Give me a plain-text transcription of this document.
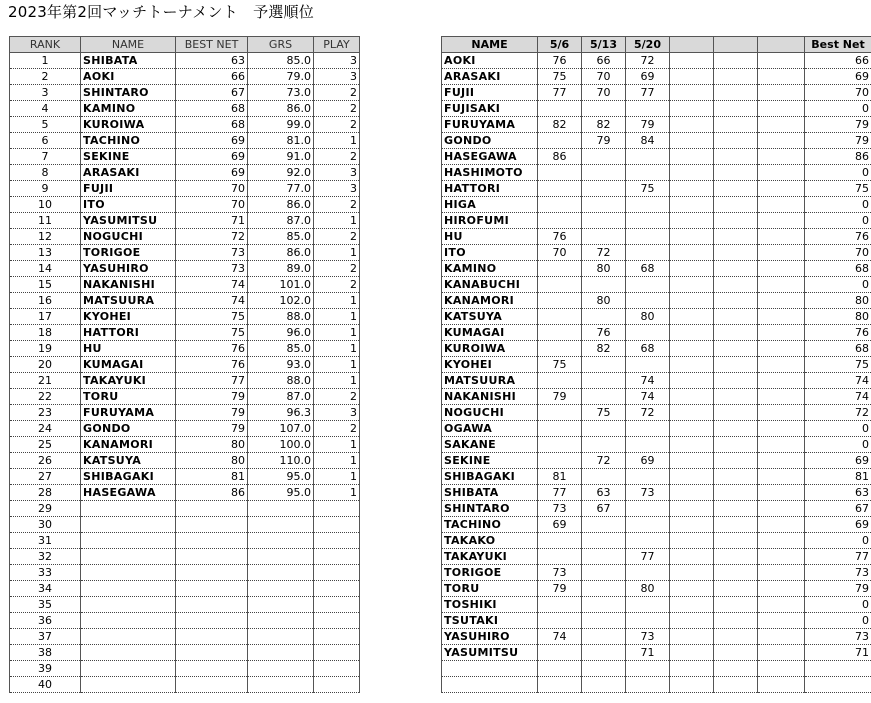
2023年第2回マッチトーナメント　予選順位
RANK	NAME	BEST NET	GRS	PLAY
1	SHIBATA	63	85.0	3
2	AOKI	66	79.0	3
3	SHINTARO	67	73.0	2
4	KAMINO	68	86.0	2
5	KUROIWA	68	99.0	2
6	TACHINO	69	81.0	1
7	SEKINE	69	91.0	2
8	ARASAKI	69	92.0	3
9	FUJII	70	77.0	3
10	ITO	70	86.0	2
11	YASUMITSU	71	87.0	1
12	NOGUCHI	72	85.0	2
13	TORIGOE	73	86.0	1
14	YASUHIRO	73	89.0	2
15	NAKANISHI	74	101.0	2
16	MATSUURA	74	102.0	1
17	KYOHEI	75	88.0	1
18	HATTORI	75	96.0	1
19	HU	76	85.0	1
20	KUMAGAI	76	93.0	1
21	TAKAYUKI	77	88.0	1
22	TORU	79	87.0	2
23	FURUYAMA	79	96.3	3
24	GONDO	79	107.0	2
25	KANAMORI	80	100.0	1
26	KATSUYA	80	110.0	1
27	SHIBAGAKI	81	95.0	1
28	HASEGAWA	86	95.0	1
29				
30				
31				
32				
33				
34				
35				
36				
37				
38				
39				
40				
NAME	5/6	5/13	5/20				Best Net
AOKI	76	66	72				66
ARASAKI	75	70	69				69
FUJII	77	70	77				70
FUJISAKI							0
FURUYAMA	82	82	79				79
GONDO		79	84				79
HASEGAWA	86						86
HASHIMOTO							0
HATTORI			75				75
HIGA							0
HIROFUMI							0
HU	76						76
ITO	70	72					70
KAMINO		80	68				68
KANABUCHI							0
KANAMORI		80					80
KATSUYA			80				80
KUMAGAI		76					76
KUROIWA		82	68				68
KYOHEI	75						75
MATSUURA			74				74
NAKANISHI	79		74				74
NOGUCHI		75	72				72
OGAWA							0
SAKANE							0
SEKINE		72	69				69
SHIBAGAKI	81						81
SHIBATA	77	63	73				63
SHINTARO	73	67					67
TACHINO	69						69
TAKAKO							0
TAKAYUKI			77				77
TORIGOE	73						73
TORU	79		80				79
TOSHIKI							0
TSUTAKI							0
YASUHIRO	74		73				73
YASUMITSU			71				71
